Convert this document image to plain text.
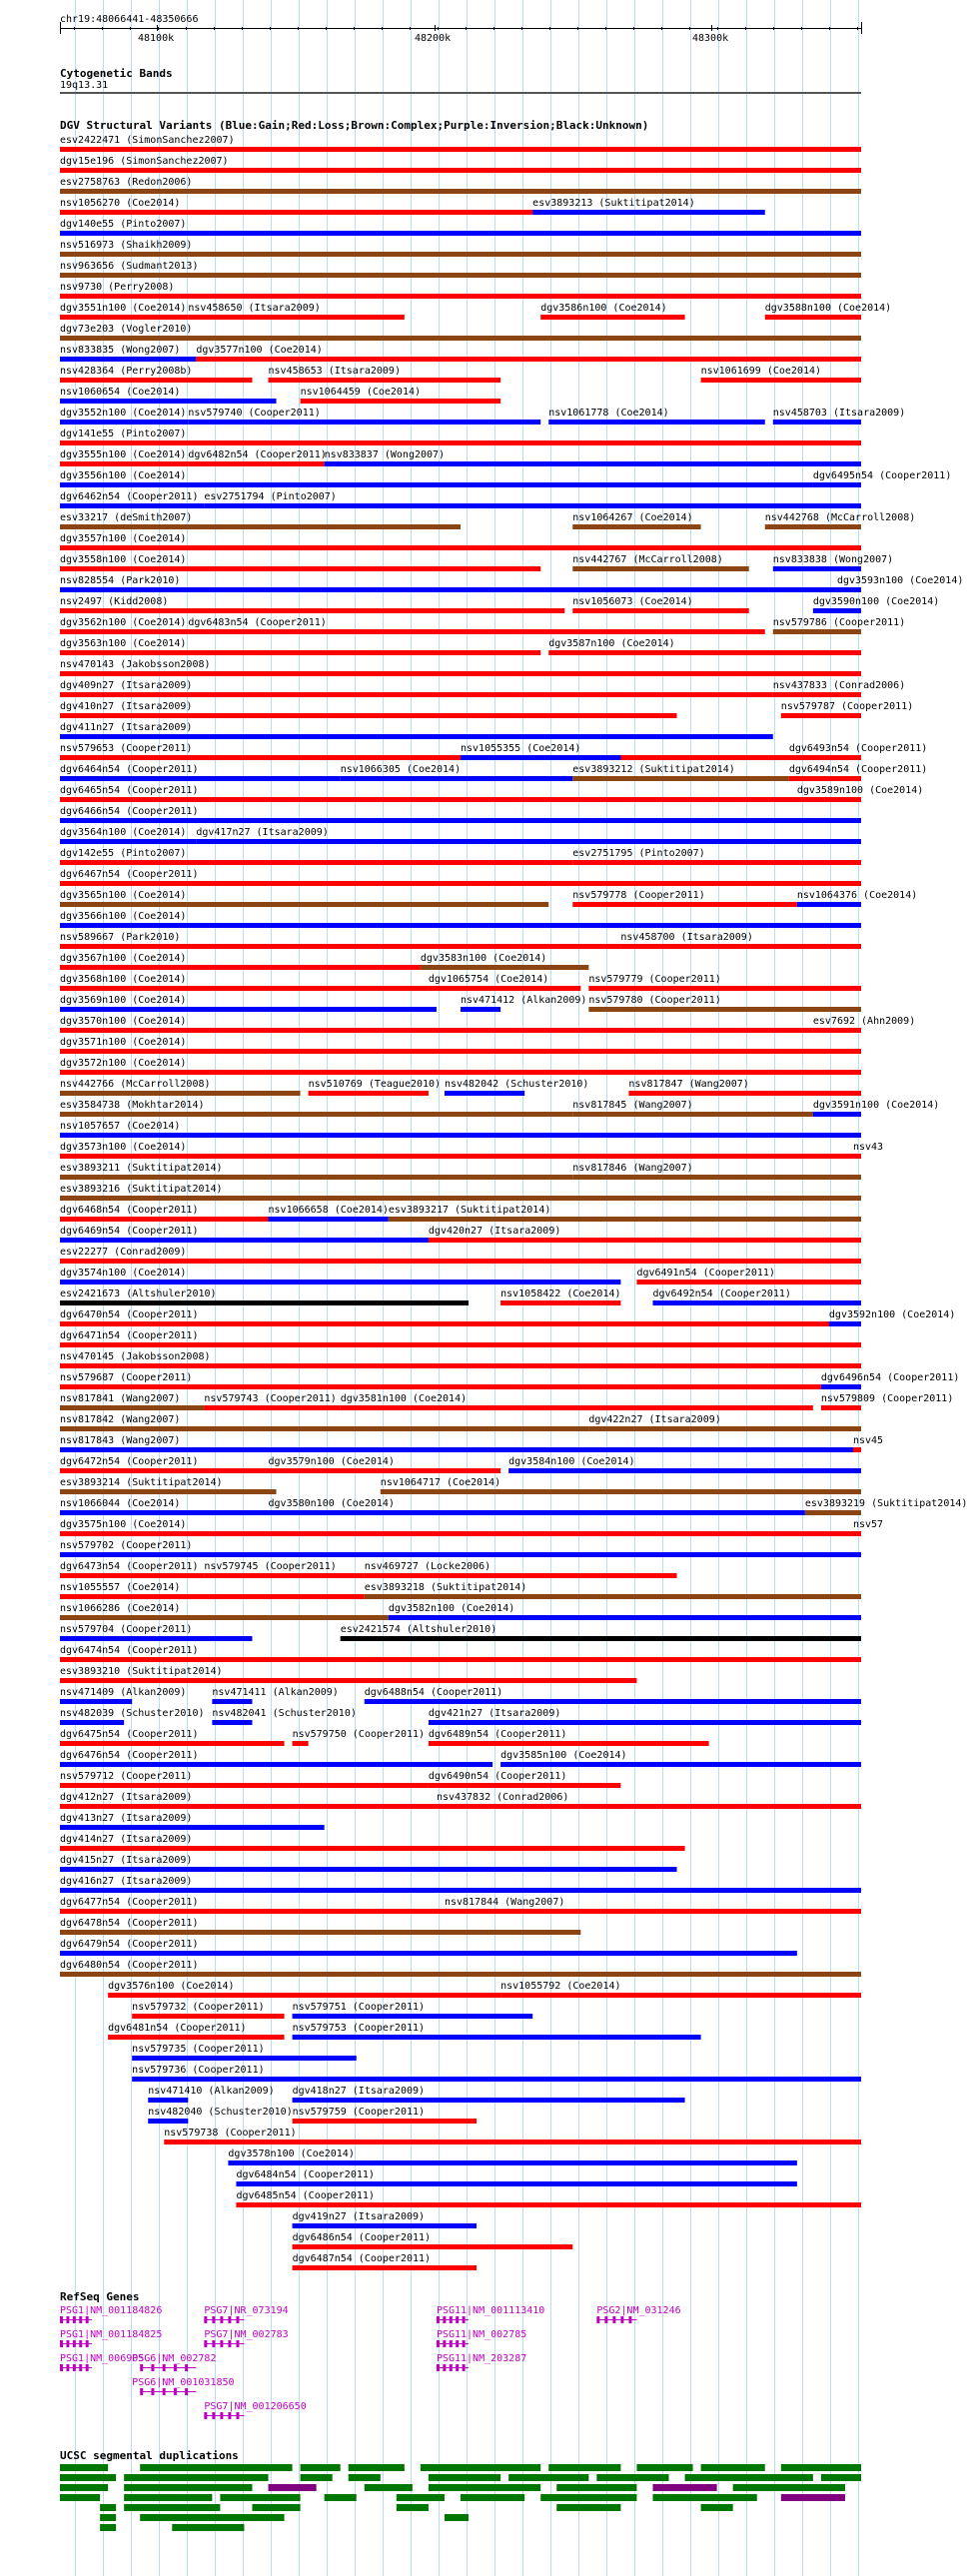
chr19:48066441-48350666
48100k	48200k	48300k
Cytogenetic Bands
19q13.31
DGV Structural Variants (Blue:Gain;Red:Loss;Brown:Complex;Purple:Inversion;Black:Unknown)
esv2422471 (SimonSanchez2007)
dgv15e196 (SimonSanchez2007)
esv2758763 (Redon2006)
nsv1056270 (Coe2014)	esv3893213 (Suktitipat2014)
dgv140e55 (Pinto2007)
nsv516973 (Shaikh2009)
nsv963656 (Sudmant2013)
nsv9730 (Perry2008)
dgv3551n100 (Coe2014) nsv458650 (Itsara2009)	dgv3586n100 (Coe2014)	dgv3588n100 (Coe2014)
dgv73e203 (Vogler2010)
nsv833835 (Wong2007) dgv3577n100 (Coe2014)
nsv428364 (Perry2008b)	nsv458653 (Itsara2009)	nsv1061699 (Coe2014)
nsv1060654 (Coe2014)	nsv1064459 (Coe2014)
dgv3552n100 (Coe2014) nsv579740 (Cooper2011)	nsv1061778 (Coe2014)	nsv458703 (Itsara2009)
dgv141e55 (Pinto2007)
dgv3555n100 (Coe2014) dgv6482n54 (Cooper2011)
nsv833837 (Wong2007)
dgv3556n100 (Coe2014)	dgv6495n54 (Cooper2011)
dgv6462n54 (Cooper2011) esv2751794 (Pinto2007)
esv33217 (deSmith2007)	nsv1064267 (Coe2014)	nsv442768 (McCarroll2008)
dgv3557n100 (Coe2014)
dgv3558n100 (Coe2014)	nsv442767 (McCarroll2008)	nsv833838 (Wong2007)
nsv828554 (Park2010)	dgv3593n100 (Coe2014)
nsv2497 (Kidd2008)	nsv1056073 (Coe2014)	dgv3590n100 (Coe2014)
dgv3562n100 (Coe2014) dgv6483n54 (Cooper2011)	nsv579786 (Cooper2011)
dgv3563n100 (Coe2014)	dgv3587n100 (Coe2014)
nsv470143 (Jakobsson2008)
dgv409n27 (Itsara2009)	nsv437833 (Conrad2006)
dgv410n27 (Itsara2009)	nsv579787 (Cooper2011)
dgv411n27 (Itsara2009)
nsv579653 (Cooper2011)	nsv1055355 (Coe2014)	dgv6493n54 (Cooper2011)
dgv6464n54 (Cooper2011)	nsv1066305 (Coe2014)	esv3893212 (Suktitipat2014)	dgv6494n54 (Cooper2011)
dgv6465n54 (Cooper2011)	dgv3589n100 (Coe2014)
dgv6466n54 (Cooper2011)
dgv3564n100 (Coe2014) dgv417n27 (Itsara2009)
dgv142e55 (Pinto2007)	esv2751795 (Pinto2007)
dgv6467n54 (Cooper2011)
dgv3565n100 (Coe2014)	nsv579778 (Cooper2011)	nsv1064376 (Coe2014)
dgv3566n100 (Coe2014)
nsv589667 (Park2010)	nsv458700 (Itsara2009)
dgv3567n100 (Coe2014)	dgv3583n100 (Coe2014)
dgv3568n100 (Coe2014)	dgv1065754 (Coe2014)	nsv579779 (Cooper2011)
dgv3569n100 (Coe2014)	nsv471412 (Alkan2009) nsv579780 (Cooper2011)
dgv3570n100 (Coe2014)	esv7692 (Ahn2009)
dgv3571n100 (Coe2014)
dgv3572n100 (Coe2014)
nsv442766 (McCarroll2008)	nsv510769 (Teague2010) nsv482042 (Schuster2010)	nsv817847 (Wang2007)
esv3584738 (Mokhtar2014)	nsv817845 (Wang2007)	dgv3591n100 (Coe2014)
nsv1057657 (Coe2014)
dgv3573n100 (Coe2014)	nsv43
esv3893211 (Suktitipat2014)	nsv817846 (Wang2007)
esv3893216 (Suktitipat2014)
dgv6468n54 (Cooper2011)	nsv1066658 (Coe2014) esv3893217 (Suktitipat2014)
dgv6469n54 (Cooper2011)	dgv420n27 (Itsara2009)
esv22277 (Conrad2009)
dgv3574n100 (Coe2014)	dgv6491n54 (Cooper2011)
esv2421673 (Altshuler2010)	nsv1058422 (Coe2014)	dgv6492n54 (Cooper2011)
dgv6470n54 (Cooper2011)	dgv3592n100 (Coe2014)
dgv6471n54 (Cooper2011)
nsv470145 (Jakobsson2008)
nsv579687 (Cooper2011)	dgv6496n54 (Cooper2011)
nsv817841 (Wang2007) nsv579743 (Cooper2011) dgv3581n100 (Coe2014)	nsv579809 (Cooper2011)
nsv817842 (Wang2007)	dgv422n27 (Itsara2009)
nsv817843 (Wang2007)	nsv45
dgv6472n54 (Cooper2011)	dgv3579n100 (Coe2014)	dgv3584n100 (Coe2014)
esv3893214 (Suktitipat2014)	nsv1064717 (Coe2014)
nsv1066044 (Coe2014)	dgv3580n100 (Coe2014)	esv3893219 (Suktitipat2014)
dgv3575n100 (Coe2014)	nsv57
nsv579702 (Cooper2011)
dgv6473n54 (Cooper2011) nsv579745 (Cooper2011)	nsv469727 (Locke2006)
nsv1055557 (Coe2014)	esv3893218 (Suktitipat2014)
nsv1066286 (Coe2014)	dgv3582n100 (Coe2014)
nsv579704 (Cooper2011)	esv2421574 (Altshuler2010)
dgv6474n54 (Cooper2011)
esv3893210 (Suktitipat2014)
nsv471409 (Alkan2009)	nsv471411 (Alkan2009)	dgv6488n54 (Cooper2011)
nsv482039 (Schuster2010) nsv482041 (Schuster2010)	dgv421n27 (Itsara2009)
dgv6475n54 (Cooper2011)	nsv579750 (Cooper2011) dgv6489n54 (Cooper2011)
dgv6476n54 (Cooper2011)	dgv3585n100 (Coe2014)
nsv579712 (Cooper2011)	dgv6490n54 (Cooper2011)
dgv412n27 (Itsara2009)	nsv437832 (Conrad2006)
dgv413n27 (Itsara2009)
dgv414n27 (Itsara2009)
dgv415n27 (Itsara2009)
dgv416n27 (Itsara2009)
dgv6477n54 (Cooper2011)	nsv817844 (Wang2007)
dgv6478n54 (Cooper2011)
dgv6479n54 (Cooper2011)
dgv6480n54 (Cooper2011)
dgv3576n100 (Coe2014)	nsv1055792 (Coe2014)
nsv579732 (Cooper2011)	nsv579751 (Cooper2011)
dgv6481n54 (Cooper2011)	nsv579753 (Cooper2011)
nsv579735 (Cooper2011)
nsv579736 (Cooper2011)
nsv471410 (Alkan2009) dgv418n27 (Itsara2009)
nsv482040 (Schuster2010) nsv579759 (Cooper2011)
nsv579738 (Cooper2011)
dgv3578n100 (Coe2014)
dgv6484n54 (Cooper2011)
dgv6485n54 (Cooper2011)
dgv419n27 (Itsara2009)
dgv6486n54 (Cooper2011)
dgv6487n54 (Cooper2011)
RefSeq Genes
PSG1|NM_001184826	PSG7|NR_073194	PSG11|NM_001113410	PSG2|NM_031246
PSG1|NM_001184825	PSG7|NM_002783	PSG11|NM_002785
PSG1|NM_006905
PSG6|NM_002782	PSG11|NM_203287
PSG6|NM_001031850
PSG7|NM_001206650
UCSC segmental duplications
